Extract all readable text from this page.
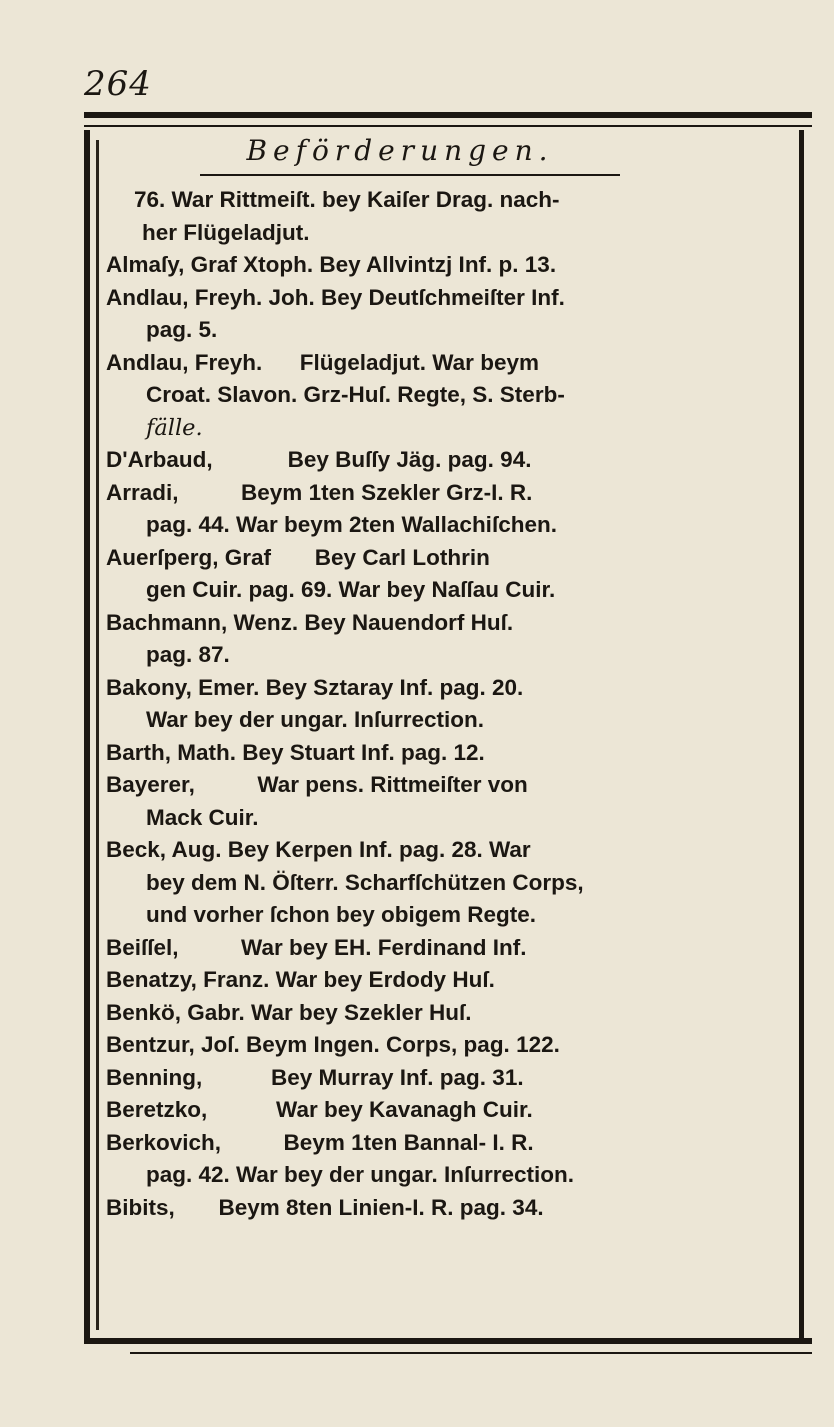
264
Beförderungen.
76. War Rittmeiſt. bey Kaiſer Drag. nach-
her Flügeladjut.
Almaſy, Graf Xtoph. Bey Allvintzj Inf. p. 13.
Andlau, Freyh. Joh. Bey Deutſchmeiſter Inf.
pag. 5.
Andlau, Freyh.      Flügeladjut. War beym
Croat. Slavon. Grz-Huſ. Regte, S. Sterb-
fälle.
D'Arbaud,            Bey Buſſy Jäg. pag. 94.
Arradi,          Beym 1ten Szekler Grz-I. R.
pag. 44. War beym 2ten Wallachiſchen.
Auerſperg, Graf       Bey Carl Lothrin
gen Cuir. pag. 69. War bey Naſſau Cuir.
Bachmann, Wenz. Bey Nauendorf Huſ.
pag. 87.
Bakony, Emer. Bey Sztaray Inf. pag. 20.
War bey der ungar. Inſurrection.
Barth, Math. Bey Stuart Inf. pag. 12.
Bayerer,          War pens. Rittmeiſter von
Mack Cuir.
Beck, Aug. Bey Kerpen Inf. pag. 28. War
bey dem N. Öſterr. Scharfſchützen Corps,
und vorher ſchon bey obigem Regte.
Beiſſel,          War bey EH. Ferdinand Inf.
Benatzy, Franz. War bey Erdody Huſ.
Benkö, Gabr. War bey Szekler Huſ.
Bentzur, Joſ. Beym Ingen. Corps, pag. 122.
Benning,           Bey Murray Inf. pag. 31.
Beretzko,           War bey Kavanagh Cuir.
Berkovich,          Beym 1ten Bannal- I. R.
pag. 42. War bey der ungar. Inſurrection.
Bibits,       Beym 8ten Linien-I. R. pag. 34.
